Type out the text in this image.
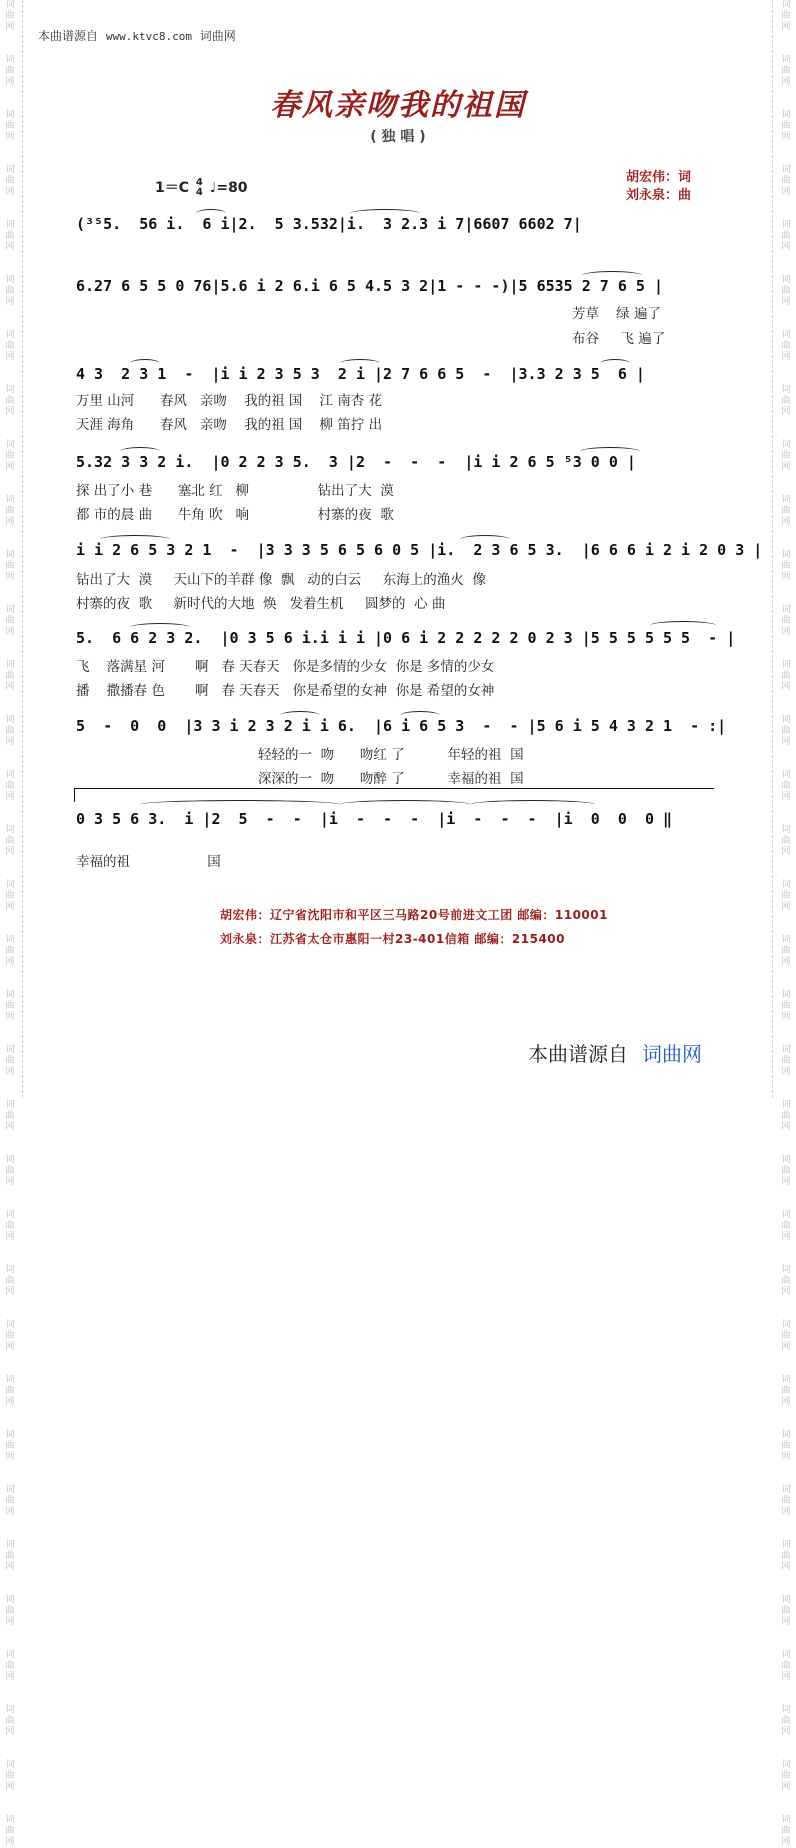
词
曲
网

词
曲
网

词
曲
网

词
曲
网

词
曲
网

词
曲
网

词
曲
网

词
曲
网

词
曲
网

词
曲
网

词
曲
网

词
曲
网

词
曲
网

词
曲
网

词
曲
网

词
曲
网

词
曲
网

词
曲
网

词
曲
网

词
曲
网

词
曲
网

词
曲
网

词
曲
网

词
曲
网

词
曲
网

词
曲
网

词
曲
网

词
曲
网

词
曲
网

词
曲
网

词
曲
网

词
曲
网

词
曲
网

词
曲
网

词
曲
网

词
曲
网

词
曲
网

词
曲
网

词
曲
网

词
曲
网

词
曲
网

词
曲
网

词
曲
网

词
曲
网

词
曲
网

词
曲
网

词
曲
网

词
曲
网

词
曲
网

词
曲
网

词
曲
网

词
曲
网

词
曲
网

词
曲
网

词
曲
网

词
曲
网

词
曲
网

词
曲
网

词
曲
网

词
曲
网

词
曲
网

词
曲
网

词
曲
网

词
曲
网

词
曲
网

词
曲
网

词
曲
网

词
曲
网

本曲谱源自 www.ktvc8.com 词曲网
春风亲吻我的祖国
( 独 唱 )
1＝C 4
4 ♩=80
胡宏伟：词
刘永泉：曲
(³⁵5.  56 i.  6 i|2.  5 3.532|i.  3 2.3 i 7|6607 6602 7|
6.27 6 5 5 0 76|5.6 i 2 6.i 6 5 4.5 3 2|1 - - -)|5 6535 2 7 6 5 |
芳草    绿 遍了
布谷     飞 遍了
4 3  2 3 1  -  |i i 2 3 5 3  2 i |2 7 6 6 5  -  |3.3 2 3 5  6 |
万里 山河      春风   亲吻    我的祖 国    江 南杏 花
天涯 海角      春风   亲吻    我的祖 国    柳 笛拧 出
5.32 3 3 2 i.  |0 2 2 3 5.  3 |2  -  -  -  |i i 2 6 5 ⁵3 0 0 |
探 出了小 巷      塞北 红   柳                钻出了大  漠
都 市的晨 曲      牛角 吹   响                村寨的夜  歌
i i 2 6 5 3 2 1  -  |3 3 3 5 6 5 6 0 5 |i.  2 3 6 5 3.  |6 6 6 i 2 i 2 0 3 |
钻出了大  漠     天山下的羊群 像  飘   动的白云     东海上的渔火  像
村寨的夜  歌     新时代的大地  焕   发着生机     圆梦的  心 曲
5.  6 6 2 3 2.  |0 3 5 6 i.i i i |0 6 i 2 2 2 2 2 0 2 3 |5 5 5 5 5 5  - |
飞    落满星 河       啊   春 天春天   你是多情的少女  你是 多情的少女
播    撒播春 色       啊   春 天春天   你是希望的女神  你是 希望的女神
5  -  0  0  |3 3 i 2 3 2 i i 6.  |6 i 6 5 3  -  - |5 6 i 5 4 3 2 1  - :|
轻轻的一  吻      吻红 了          年轻的祖  国
深深的一  吻      吻醉 了          幸福的祖  国
0 3 5 6 3.  i |2  5  -  -  |i  -  -  -  |i  -  -  -  |i  0  0  0 ‖
幸福的祖                  国
胡宏伟：辽宁省沈阳市和平区三马路20号前进文工团 邮编：110001
刘永泉：江苏省太仓市惠阳一村23-401信箱 邮编：215400
本曲谱源自 词曲网
